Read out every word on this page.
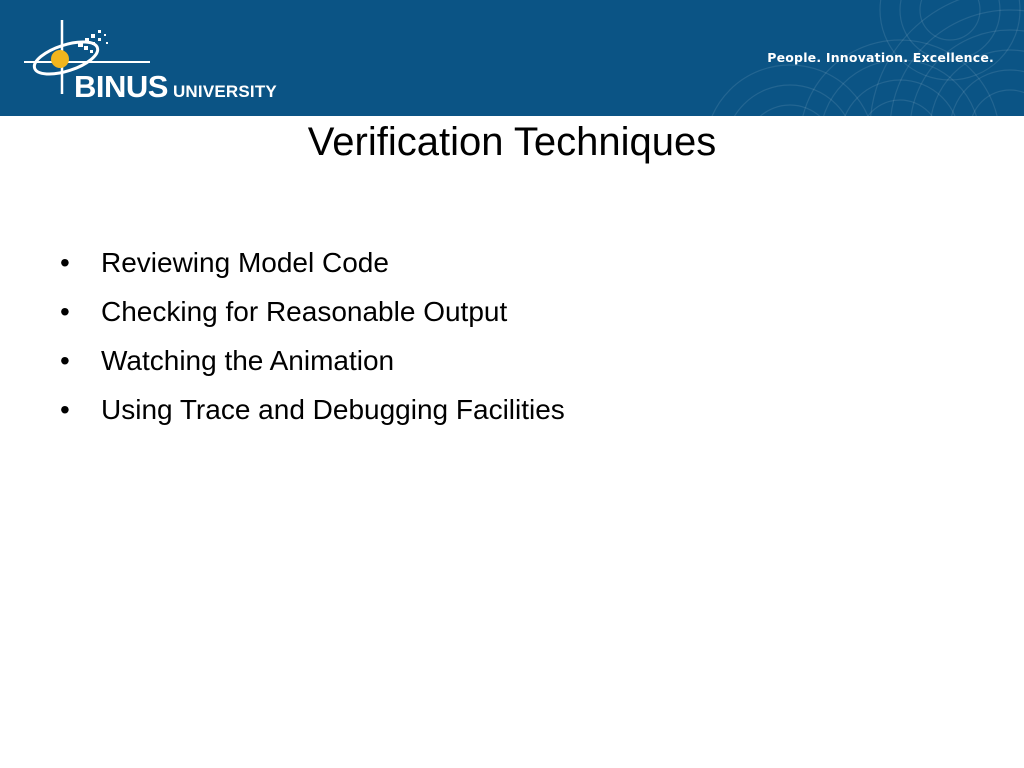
BINUS UNIVERSITY
People. Innovation. Excellence.
Verification Techniques
• Reviewing Model Code
• Checking for Reasonable Output
• Watching the Animation
• Using Trace and Debugging Facilities
